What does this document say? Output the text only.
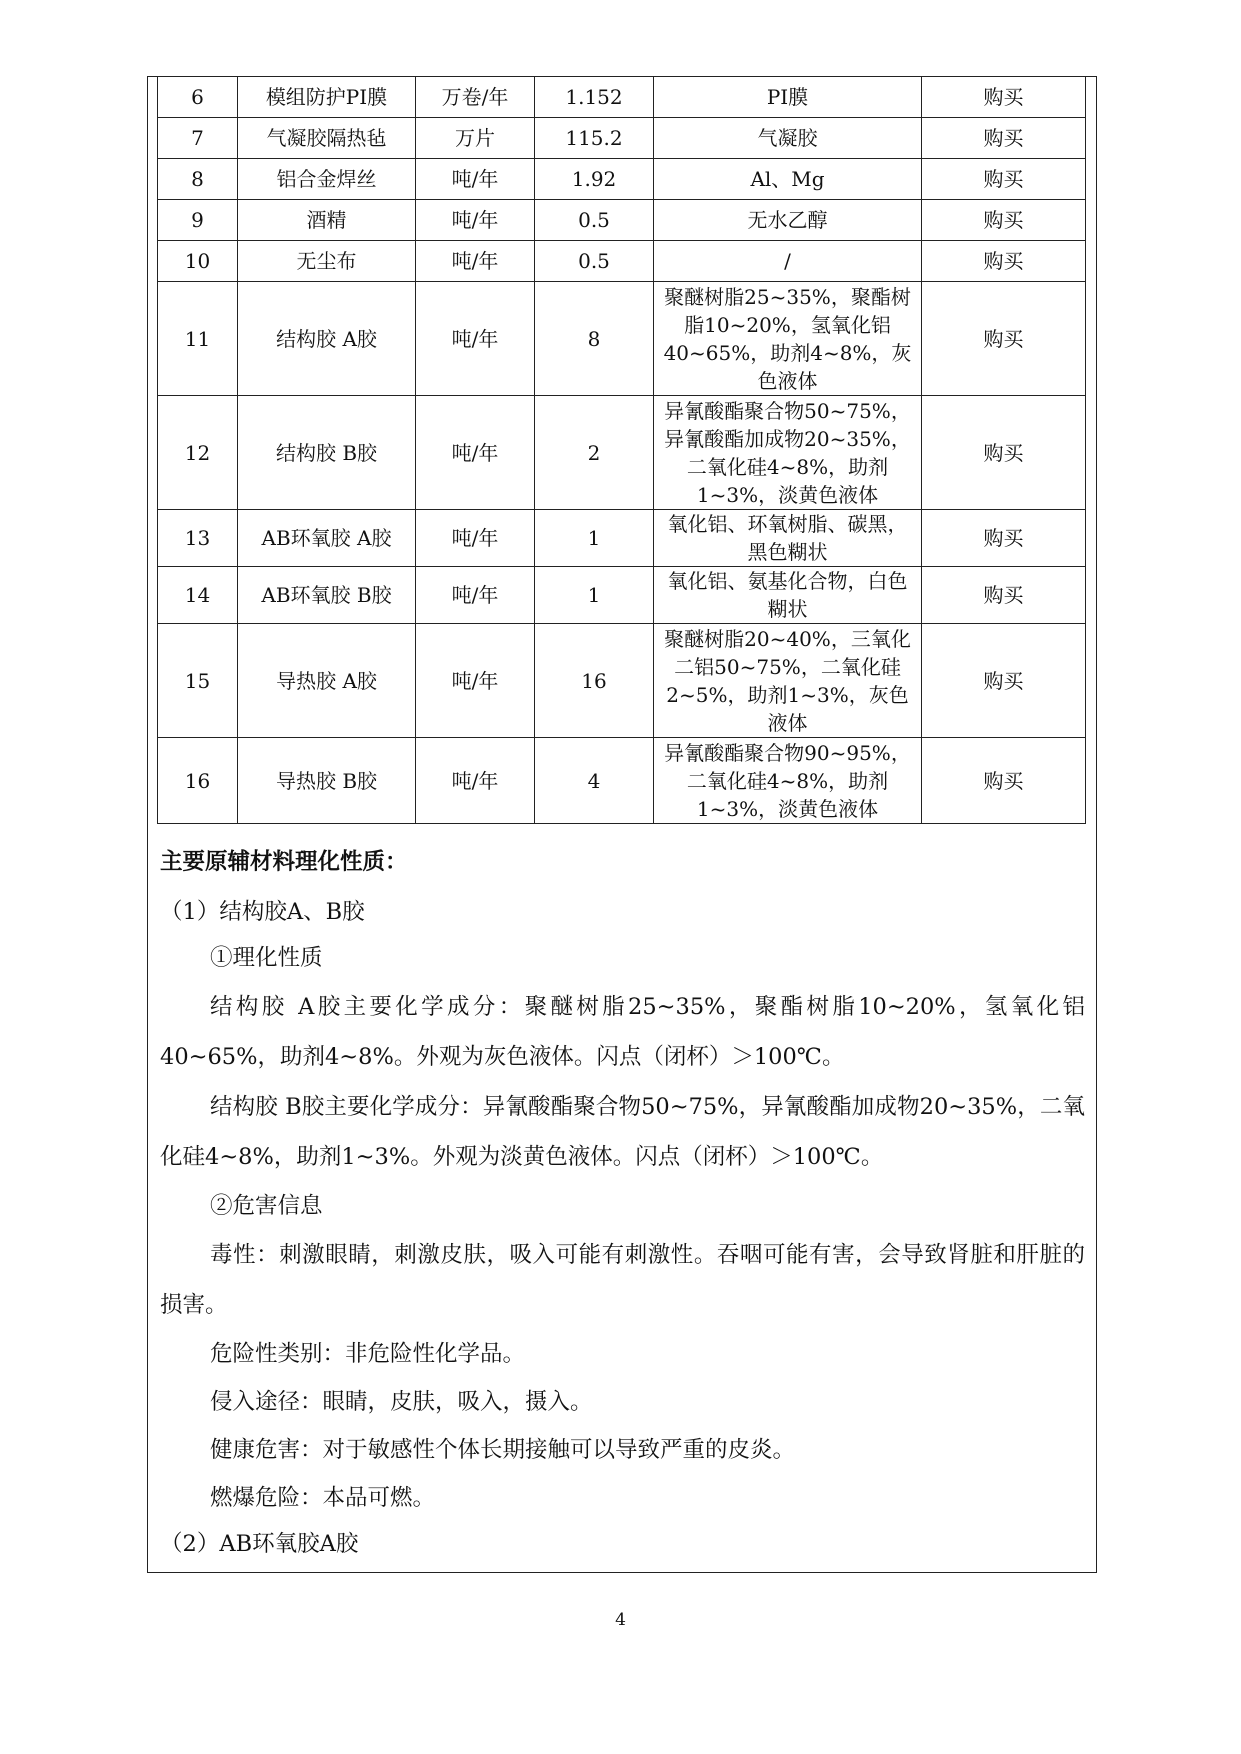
6	模组防护PI膜	万卷/年	1.152	PI膜	购买
7	气凝胶隔热毡	万片	115.2	气凝胶	购买
8	铝合金焊丝	吨/年	1.92	Al、Mg	购买
9	酒精	吨/年	0.5	无水乙醇	购买
10	无尘布	吨/年	0.5	/	购买
11	结构胶 A胶	吨/年	8	聚醚树脂25~35%，聚酯树脂10~20%，氢氧化铝40~65%，助剂4~8%，灰色液体	购买
12	结构胶 B胶	吨/年	2	异氰酸酯聚合物50~75%，异氰酸酯加成物20~35%，二氧化硅4~8%，助剂1~3%，淡黄色液体	购买
13	AB环氧胶 A胶	吨/年	1	氧化铝、环氧树脂、碳黑，黑色糊状	购买
14	AB环氧胶 B胶	吨/年	1	氧化铝、氨基化合物，白色糊状	购买
15	导热胶 A胶	吨/年	16	聚醚树脂20~40%，三氧化二铝50~75%，二氧化硅2~5%，助剂1~3%，灰色液体	购买
16	导热胶 B胶	吨/年	4	异氰酸酯聚合物90~95%，二氧化硅4~8%，助剂1~3%，淡黄色液体	购买

主要原辅材料理化性质：

（1）结构胶A、B胶

①理化性质

结构胶 A胶主要化学成分：聚醚树脂25~35%，聚酯树脂10~20%，氢氧化铝40~65%，助剂4~8%。外观为灰色液体。闪点（闭杯）＞100℃。

结构胶 B胶主要化学成分：异氰酸酯聚合物50~75%，异氰酸酯加成物20~35%，二氧化硅4~8%，助剂1~3%。外观为淡黄色液体。闪点（闭杯）＞100℃。

②危害信息

毒性：刺激眼睛，刺激皮肤，吸入可能有刺激性。吞咽可能有害，会导致肾脏和肝脏的损害。

危险性类别：非危险性化学品。

侵入途径：眼睛，皮肤，吸入，摄入。

健康危害：对于敏感性个体长期接触可以导致严重的皮炎。

燃爆危险：本品可燃。

（2）AB环氧胶A胶

4
